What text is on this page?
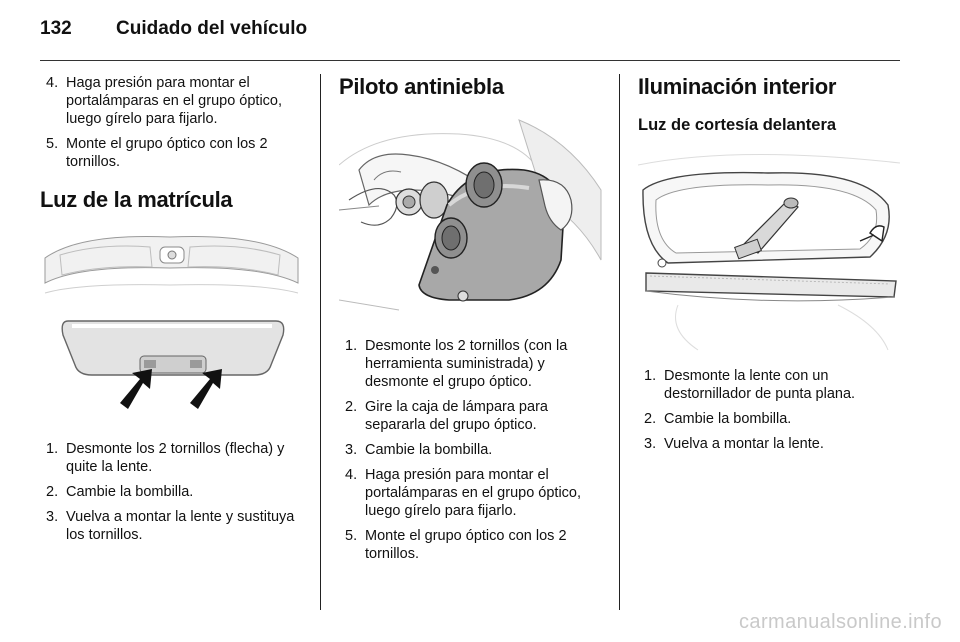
132 Cuidado del vehículo
4. Haga presión para montar el portalámparas en el grupo óptico, luego gírelo para fijarlo.
5. Monte el grupo óptico con los 2 tornillos.
Luz de la matrícula
1. Desmonte los 2 tornillos (flecha) y quite la lente.
2. Cambie la bombilla.
3. Vuelva a montar la lente y sustituya los tornillos.
Piloto antiniebla
1. Desmonte los 2 tornillos (con la herramienta suministrada) y desmonte el grupo óptico.
2. Gire la caja de lámpara para separarla del grupo óptico.
3. Cambie la bombilla.
4. Haga presión para montar el portalámparas en el grupo óptico, luego gírelo para fijarlo.
5. Monte el grupo óptico con los 2 tornillos.
Iluminación interior
Luz de cortesía delantera
1. Desmonte la lente con un destornillador de punta plana.
2. Cambie la bombilla.
3. Vuelva a montar la lente.
carmanualsonline.info
